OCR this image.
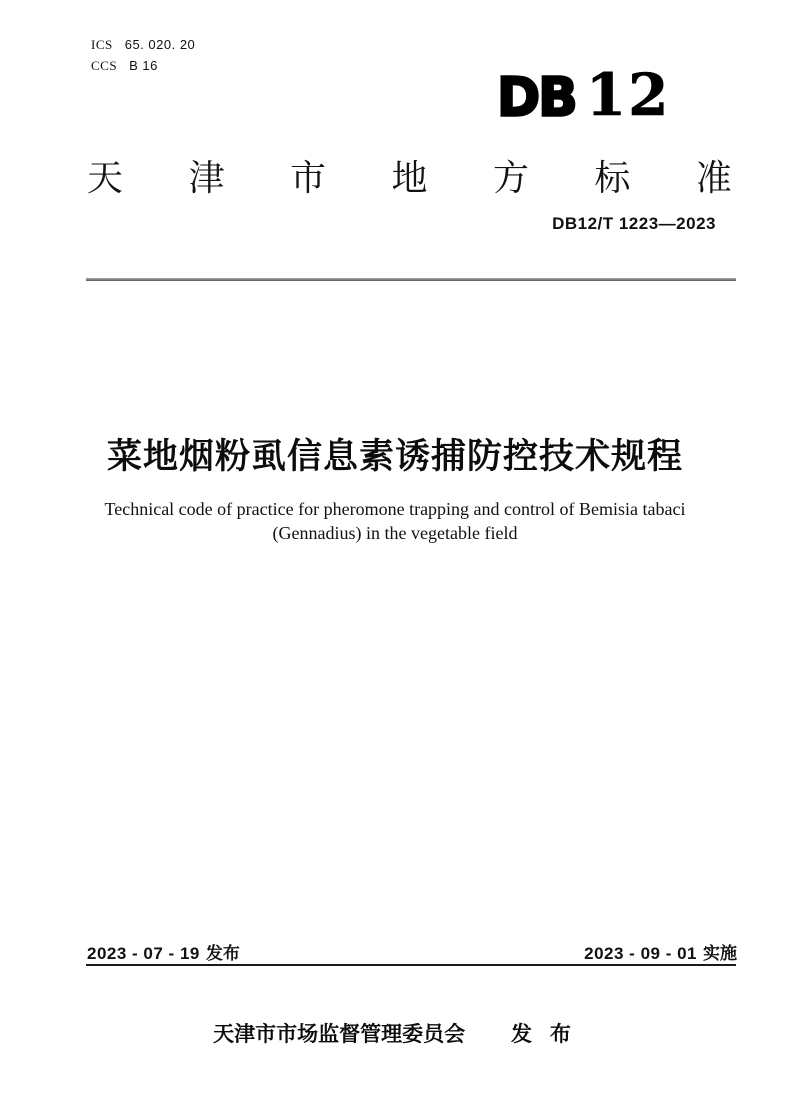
ICS 65. 020. 20
CCS B 16
DB 12
天 津 市 地 方 标 准
DB12/T 1223—2023
菜地烟粉虱信息素诱捕防控技术规程
Technical code of practice for pheromone trapping and control of Bemisia tabaci
(Gennadius) in the vegetable field
2023 - 07 - 19 发布	2023 - 09 - 01 实施
天津市市场监督管理委员会 发 布
